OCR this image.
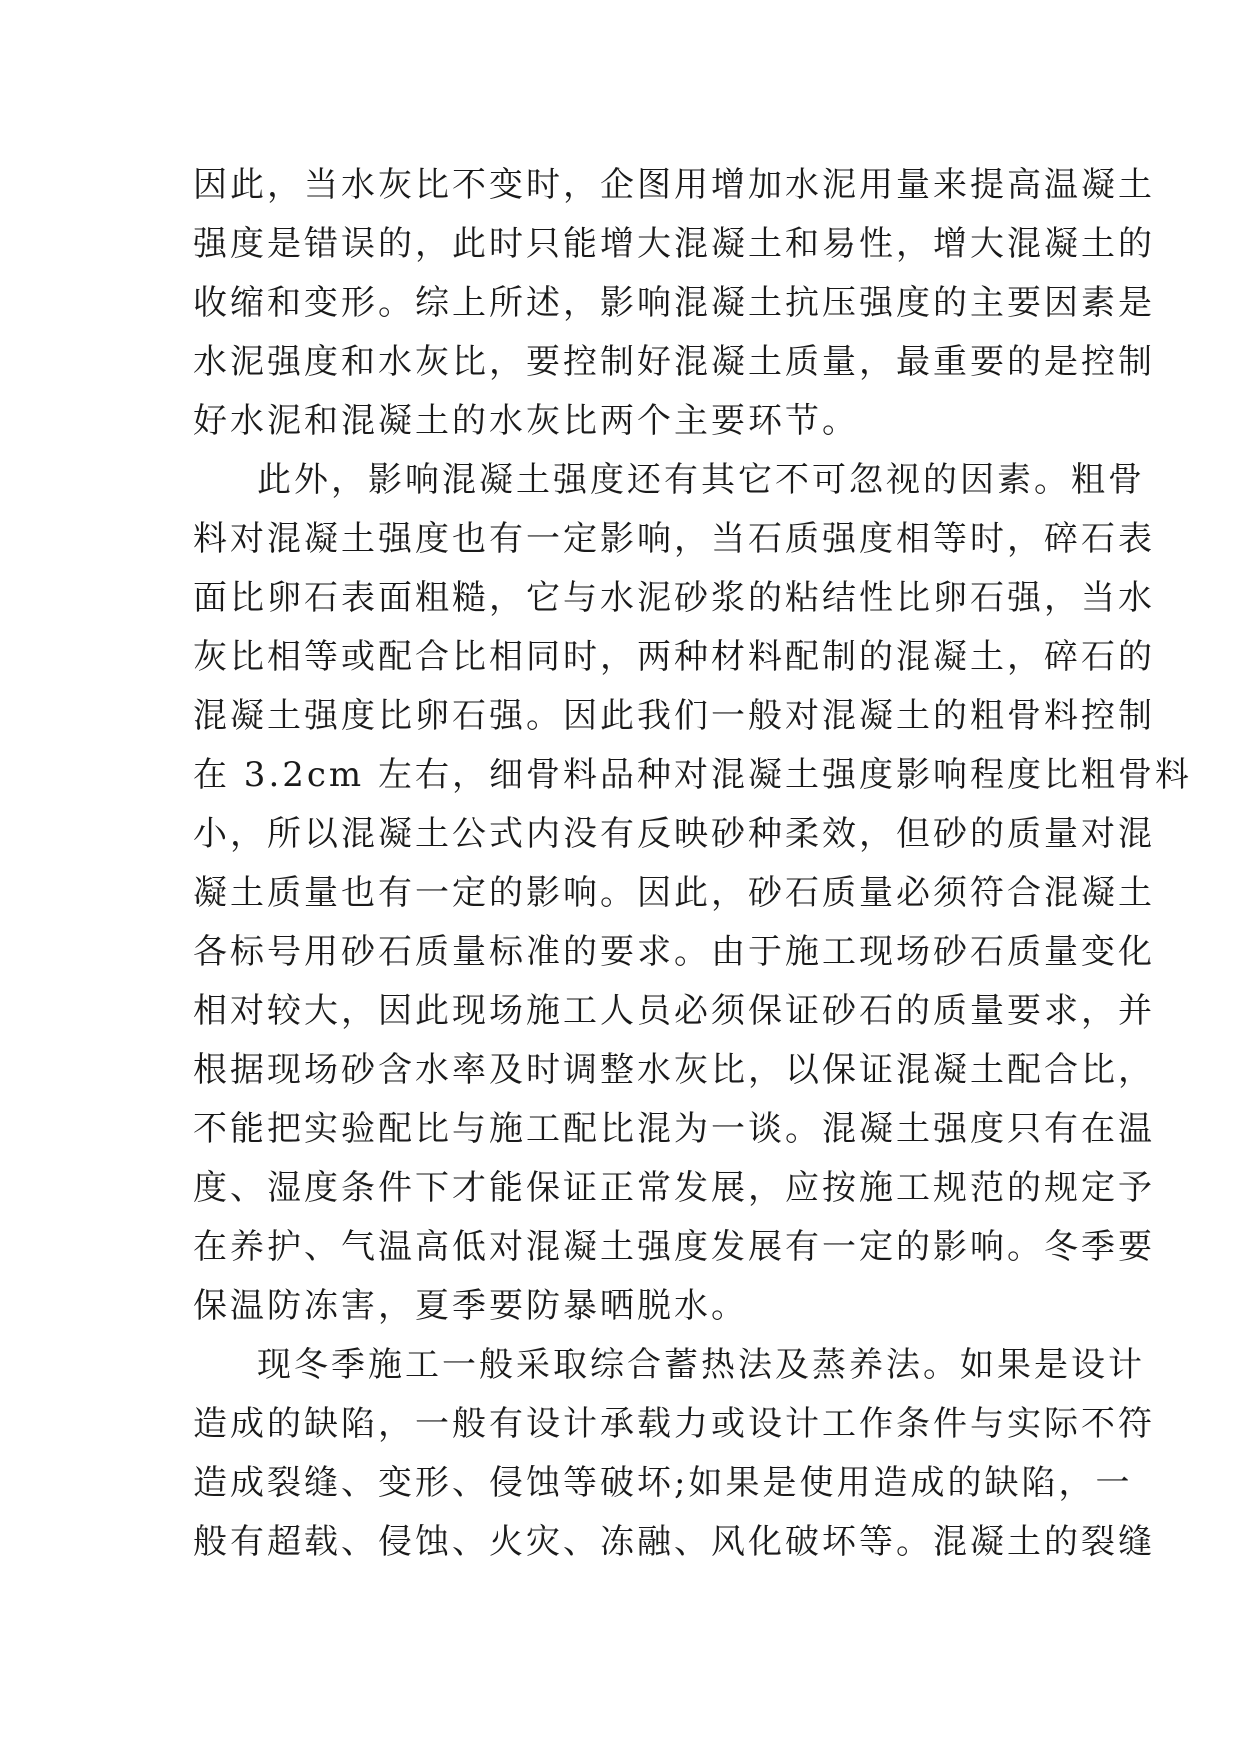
因此，当水灰比不变时，企图用增加水泥用量来提高温凝土
强度是错误的，此时只能增大混凝土和易性，增大混凝土的
收缩和变形。综上所述，影响混凝土抗压强度的主要因素是
水泥强度和水灰比，要控制好混凝土质量，最重要的是控制
好水泥和混凝土的水灰比两个主要环节。
此外，影响混凝土强度还有其它不可忽视的因素。粗骨
料对混凝土强度也有一定影响，当石质强度相等时，碎石表
面比卵石表面粗糙，它与水泥砂浆的粘结性比卵石强，当水
灰比相等或配合比相同时，两种材料配制的混凝土，碎石的
混凝土强度比卵石强。因此我们一般对混凝土的粗骨料控制
在 3.2cm 左右，细骨料品种对混凝土强度影响程度比粗骨料
小，所以混凝土公式内没有反映砂种柔效，但砂的质量对混
凝土质量也有一定的影响。因此，砂石质量必须符合混凝土
各标号用砂石质量标准的要求。由于施工现场砂石质量变化
相对较大，因此现场施工人员必须保证砂石的质量要求，并
根据现场砂含水率及时调整水灰比，以保证混凝土配合比，
不能把实验配比与施工配比混为一谈。混凝土强度只有在温
度、湿度条件下才能保证正常发展，应按施工规范的规定予
在养护、气温高低对混凝土强度发展有一定的影响。冬季要
保温防冻害，夏季要防暴晒脱水。
现冬季施工一般采取综合蓄热法及蒸养法。如果是设计
造成的缺陷，一般有设计承载力或设计工作条件与实际不符
造成裂缝、变形、侵蚀等破坏;如果是使用造成的缺陷，一
般有超载、侵蚀、火灾、冻融、风化破坏等。混凝土的裂缝
